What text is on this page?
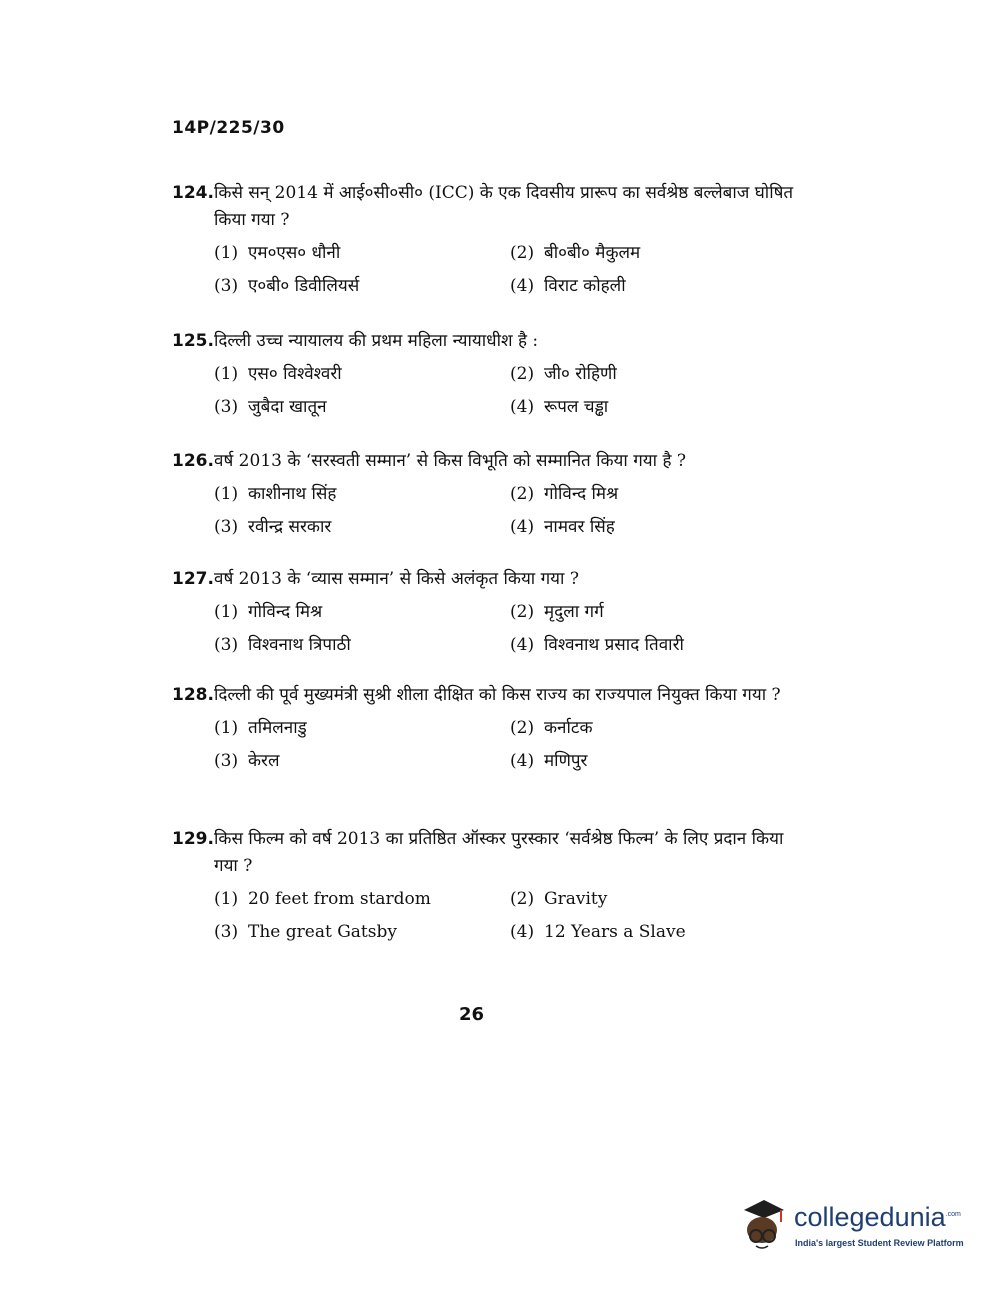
14P/225/30
124. किसे सन् 2014 में आई०सी०सी० (ICC) के एक दिवसीय प्रारूप का सर्वश्रेष्ठ बल्लेबाज घोषित किया गया ?
(1) एम०एस० धौनी	(2) बी०बी० मैकुलम
(3) ए०बी० डिवीलियर्स	(4) विराट कोहली
125. दिल्ली उच्च न्यायालय की प्रथम महिला न्यायाधीश है :
(1) एस० विश्वेश्वरी	(2) जी० रोहिणी
(3) जुबैदा खातून	(4) रूपल चड्ढा
126. वर्ष 2013 के ‘सरस्वती सम्मान’ से किस विभूति को सम्मानित किया गया है ?
(1) काशीनाथ सिंह	(2) गोविन्द मिश्र
(3) रवीन्द्र सरकार	(4) नामवर सिंह
127. वर्ष 2013 के ‘व्यास सम्मान’ से किसे अलंकृत किया गया ?
(1) गोविन्द मिश्र	(2) मृदुला गर्ग
(3) विश्वनाथ त्रिपाठी	(4) विश्वनाथ प्रसाद तिवारी
128. दिल्ली की पूर्व मुख्यमंत्री सुश्री शीला दीक्षित को किस राज्य का राज्यपाल नियुक्त किया गया ?
(1) तमिलनाडु	(2) कर्नाटक
(3) केरल	(4) मणिपुर
129. किस फिल्म को वर्ष 2013 का प्रतिष्ठित ऑस्कर पुरस्कार ‘सर्वश्रेष्ठ फिल्म’ के लिए प्रदान किया गया ?
(1) 20 feet from stardom	(2) Gravity
(3) The great Gatsby	(4) 12 Years a Slave
26
collegedunia$^{.com}$
India's largest Student Review Platform
